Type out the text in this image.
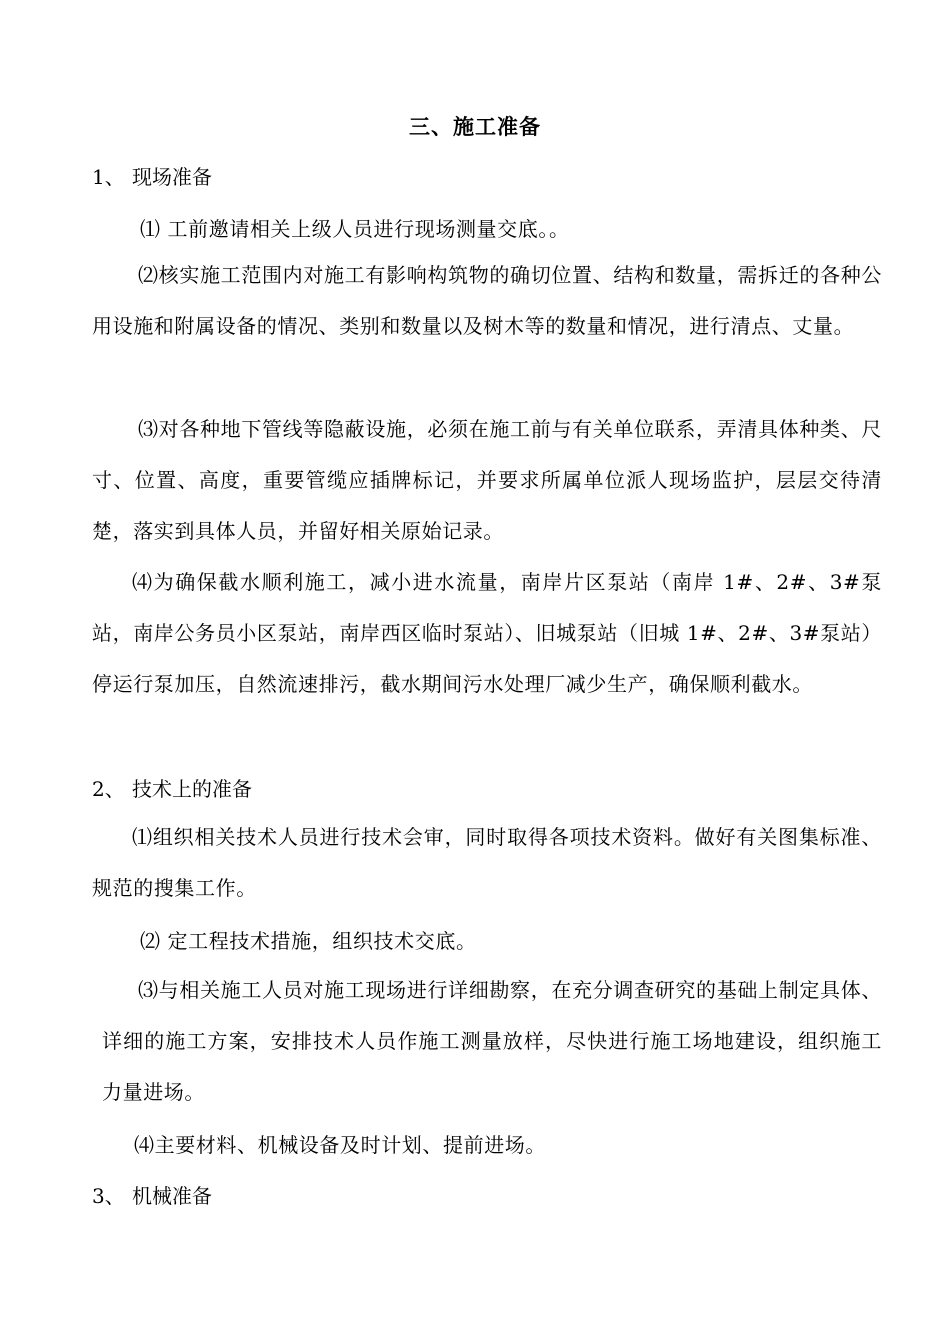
三、施工准备
1、 现场准备
⑴ 工前邀请相关上级人员进行现场测量交底。。
⑵核实施工范围内对施工有影响构筑物的确切位置、结构和数量，需拆迁的各种公用设施和附属设备的情况、类别和数量以及树木等的数量和情况，进行清点、丈量。
⑶对各种地下管线等隐蔽设施，必须在施工前与有关单位联系，弄清具体种类、尺寸、位置、高度，重要管缆应插牌标记，并要求所属单位派人现场监护，层层交待清楚，落实到具体人员，并留好相关原始记录。
⑷为确保截水顺利施工，减小进水流量，南岸片区泵站（南岸 1#、2#、3#泵站，南岸公务员小区泵站，南岸西区临时泵站）、旧城泵站（旧城 1#、2#、3#泵站）停运行泵加压，自然流速排污，截水期间污水处理厂减少生产，确保顺利截水。
2、 技术上的准备
⑴组织相关技术人员进行技术会审，同时取得各项技术资料。做好有关图集标准、规范的搜集工作。
⑵ 定工程技术措施，组织技术交底。
⑶与相关施工人员对施工现场进行详细勘察，在充分调查研究的基础上制定具体、详细的施工方案，安排技术人员作施工测量放样，尽快进行施工场地建设，组织施工力量进场。
⑷主要材料、机械设备及时计划、提前进场。
3、 机械准备
